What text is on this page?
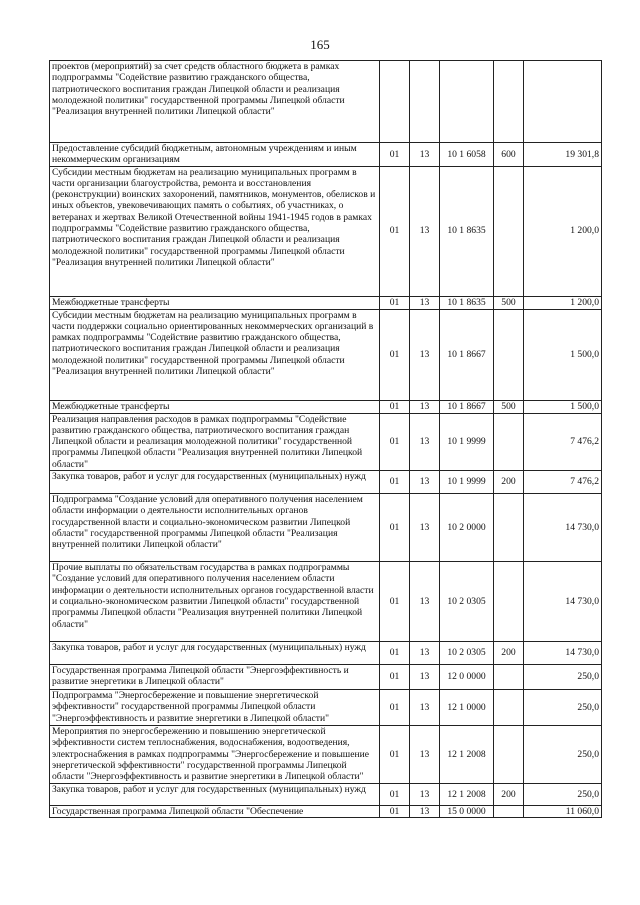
165
проектов (мероприятий) за счет средств областного бюджета в рамках подпрограммы "Содействие развитию гражданского общества, патриотического воспитания граждан Липецкой области и реализация молодежной политики" государственной программы Липецкой области "Реализация внутренней политики Липецкой области"					
Предоставление субсидий бюджетным, автономным учреждениям и иным некоммерческим организациям	01	13	10 1 6058	600	19 301,8
Субсидии местным бюджетам на реализацию муниципальных программ в части организации благоустройства, ремонта и восстановления (реконструкции) воинских захоронений, памятников, монументов, обелисков и иных объектов, увековечивающих память о событиях, об участниках, о ветеранах и жертвах Великой Отечественной войны 1941-1945 годов в рамках подпрограммы "Содействие развитию гражданского общества, патриотического воспитания граждан Липецкой области и реализация молодежной политики" государственной программы Липецкой области "Реализация внутренней политики Липецкой области"	01	13	10 1 8635		1 200,0
Межбюджетные трансферты	01	13	10 1 8635	500	1 200,0
Субсидии местным бюджетам на реализацию муниципальных программ в части поддержки социально ориентированных некоммерческих организаций в рамках подпрограммы "Содействие развитию гражданского общества, патриотического воспитания граждан Липецкой области и реализация молодежной политики" государственной программы Липецкой области "Реализация внутренней политики Липецкой области"	01	13	10 1 8667		1 500,0
Межбюджетные трансферты	01	13	10 1 8667	500	1 500,0
Реализация направления расходов в рамках подпрограммы "Содействие развитию гражданского общества, патриотического воспитания граждан Липецкой области и реализация молодежной политики" государственной программы Липецкой области "Реализация внутренней политики Липецкой области"	01	13	10 1 9999		7 476,2
Закупка товаров, работ и услуг для государственных (муниципальных) нужд	01	13	10 1 9999	200	7 476,2
Подпрограмма "Создание условий для оперативного получения населением области информации о деятельности исполнительных органов государственной власти и социально-экономическом развитии Липецкой области" государственной программы Липецкой области "Реализация внутренней политики Липецкой области"	01	13	10 2 0000		14 730,0
Прочие выплаты по обязательствам государства в рамках подпрограммы "Создание условий для оперативного получения населением области информации о деятельности исполнительных органов государственной власти и социально-экономическом развитии Липецкой области" государственной программы Липецкой области "Реализация внутренней политики Липецкой области"	01	13	10 2 0305		14 730,0
Закупка товаров, работ и услуг для государственных (муниципальных) нужд	01	13	10 2 0305	200	14 730,0
Государственная программа Липецкой области "Энергоэффективность и развитие энергетики в Липецкой области"	01	13	12 0 0000		250,0
Подпрограмма "Энергосбережение и повышение энергетической эффективности" государственной программы Липецкой области "Энергоэффективность и развитие энергетики в Липецкой области"	01	13	12 1 0000		250,0
Мероприятия по энергосбережению и повышению энергетической эффективности систем теплоснабжения, водоснабжения, водоотведения, электроснабжения в рамках подпрограммы "Энергосбережение и повышение энергетической эффективности" государственной программы Липецкой области "Энергоэффективность и развитие энергетики в Липецкой области"	01	13	12 1 2008		250,0
Закупка товаров, работ и услуг для государственных (муниципальных) нужд	01	13	12 1 2008	200	250,0
Государственная программа Липецкой области "Обеспечение	01	13	15 0 0000		11 060,0
